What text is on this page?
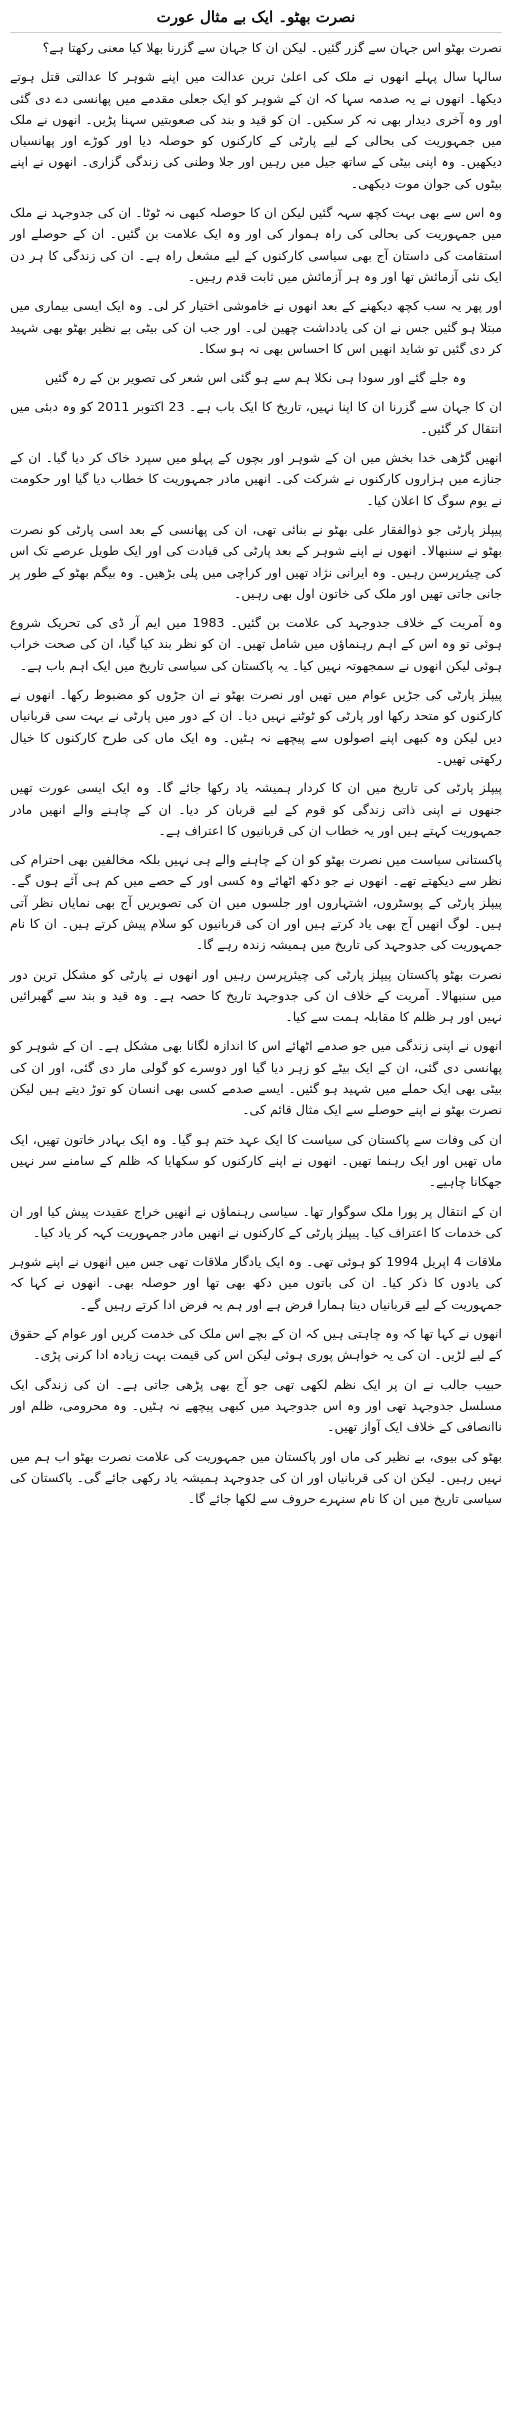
نصرت بھٹو۔ ایک بے مثال عورت

نصرت بھٹو اس جہان سے گزر گئیں۔ لیکن ان کا جہان سے گزرنا بھلا کیا معنی رکھتا ہے؟

سالہا سال پہلے انھوں نے ملک کی اعلیٰ ترین عدالت میں اپنے شوہر کا عدالتی قتل ہوتے دیکھا۔ انھوں نے یہ صدمہ سہا کہ ان کے شوہر کو ایک جعلی مقدمے میں پھانسی دے دی گئی اور وہ آخری دیدار بھی نہ کر سکیں۔ ان کو قید و بند کی صعوبتیں سہنا پڑیں۔ انھوں نے ملک میں جمہوریت کی بحالی کے لیے پارٹی کے کارکنوں کو حوصلہ دیا اور کوڑے اور پھانسیاں دیکھیں۔ وہ اپنی بیٹی کے ساتھ جیل میں رہیں اور جلا وطنی کی زندگی گزاری۔ انھوں نے اپنے بیٹوں کی جوان موت دیکھی۔

وہ اس سے بھی بہت کچھ سہہ گئیں لیکن ان کا حوصلہ کبھی نہ ٹوٹا۔ ان کی جدوجہد نے ملک میں جمہوریت کی بحالی کی راہ ہموار کی اور وہ ایک علامت بن گئیں۔ ان کے حوصلے اور استقامت کی داستان آج بھی سیاسی کارکنوں کے لیے مشعل راہ ہے۔ ان کی زندگی کا ہر دن ایک نئی آزمائش تھا اور وہ ہر آزمائش میں ثابت قدم رہیں۔

اور پھر یہ سب کچھ دیکھنے کے بعد انھوں نے خاموشی اختیار کر لی۔ وہ ایک ایسی بیماری میں مبتلا ہو گئیں جس نے ان کی یادداشت چھین لی۔ اور جب ان کی بیٹی بے نظیر بھٹو بھی شہید کر دی گئیں تو شاید انھیں اس کا احساس بھی نہ ہو سکا۔

وہ جلے گئے اور سودا ہی نکلا ہم سے ہو گئی اس شعر کی تصویر بن کے رہ گئیں

ان کا جہان سے گزرنا ان کا اپنا نہیں، تاریخ کا ایک باب ہے۔ 23 اکتوبر 2011 کو وہ دبئی میں انتقال کر گئیں۔

انھیں گڑھی خدا بخش میں ان کے شوہر اور بچوں کے پہلو میں سپرد خاک کر دیا گیا۔ ان کے جنازے میں ہزاروں کارکنوں نے شرکت کی۔ انھیں مادر جمہوریت کا خطاب دیا گیا اور حکومت نے یوم سوگ کا اعلان کیا۔

پیپلز پارٹی جو ذوالفقار علی بھٹو نے بنائی تھی، ان کی پھانسی کے بعد اسی پارٹی کو نصرت بھٹو نے سنبھالا۔ انھوں نے اپنے شوہر کے بعد پارٹی کی قیادت کی اور ایک طویل عرصے تک اس کی چیئرپرسن رہیں۔ وہ ایرانی نژاد تھیں اور کراچی میں پلی بڑھیں۔ وہ بیگم بھٹو کے طور پر جانی جاتی تھیں اور ملک کی خاتون اول بھی رہیں۔

وہ آمریت کے خلاف جدوجہد کی علامت بن گئیں۔ 1983 میں ایم آر ڈی کی تحریک شروع ہوئی تو وہ اس کے اہم رہنماؤں میں شامل تھیں۔ ان کو نظر بند کیا گیا، ان کی صحت خراب ہوئی لیکن انھوں نے سمجھوتہ نہیں کیا۔ یہ پاکستان کی سیاسی تاریخ میں ایک اہم باب ہے۔

پیپلز پارٹی کی جڑیں عوام میں تھیں اور نصرت بھٹو نے ان جڑوں کو مضبوط رکھا۔ انھوں نے کارکنوں کو متحد رکھا اور پارٹی کو ٹوٹنے نہیں دیا۔ ان کے دور میں پارٹی نے بہت سی قربانیاں دیں لیکن وہ کبھی اپنے اصولوں سے پیچھے نہ ہٹیں۔ وہ ایک ماں کی طرح کارکنوں کا خیال رکھتی تھیں۔

پیپلز پارٹی کی تاریخ میں ان کا کردار ہمیشہ یاد رکھا جائے گا۔ وہ ایک ایسی عورت تھیں جنھوں نے اپنی ذاتی زندگی کو قوم کے لیے قربان کر دیا۔ ان کے چاہنے والے انھیں مادر جمہوریت کہتے ہیں اور یہ خطاب ان کی قربانیوں کا اعتراف ہے۔

پاکستانی سیاست میں نصرت بھٹو کو ان کے چاہنے والے ہی نہیں بلکہ مخالفین بھی احترام کی نظر سے دیکھتے تھے۔ انھوں نے جو دکھ اٹھائے وہ کسی اور کے حصے میں کم ہی آئے ہوں گے۔ پیپلز پارٹی کے پوسٹروں، اشتہاروں اور جلسوں میں ان کی تصویریں آج بھی نمایاں نظر آتی ہیں۔ لوگ انھیں آج بھی یاد کرتے ہیں اور ان کی قربانیوں کو سلام پیش کرتے ہیں۔ ان کا نام جمہوریت کی جدوجہد کی تاریخ میں ہمیشہ زندہ رہے گا۔

نصرت بھٹو پاکستان پیپلز پارٹی کی چیئرپرسن رہیں اور انھوں نے پارٹی کو مشکل ترین دور میں سنبھالا۔ آمریت کے خلاف ان کی جدوجہد تاریخ کا حصہ ہے۔ وہ قید و بند سے گھبرائیں نہیں اور ہر ظلم کا مقابلہ ہمت سے کیا۔

انھوں نے اپنی زندگی میں جو صدمے اٹھائے اس کا اندازہ لگانا بھی مشکل ہے۔ ان کے شوہر کو پھانسی دی گئی، ان کے ایک بیٹے کو زہر دیا گیا اور دوسرے کو گولی مار دی گئی، اور ان کی بیٹی بھی ایک حملے میں شہید ہو گئیں۔ ایسے صدمے کسی بھی انسان کو توڑ دیتے ہیں لیکن نصرت بھٹو نے اپنے حوصلے سے ایک مثال قائم کی۔

ان کی وفات سے پاکستان کی سیاست کا ایک عہد ختم ہو گیا۔ وہ ایک بہادر خاتون تھیں، ایک ماں تھیں اور ایک رہنما تھیں۔ انھوں نے اپنے کارکنوں کو سکھایا کہ ظلم کے سامنے سر نہیں جھکانا چاہیے۔

ان کے انتقال پر پورا ملک سوگوار تھا۔ سیاسی رہنماؤں نے انھیں خراج عقیدت پیش کیا اور ان کی خدمات کا اعتراف کیا۔ پیپلز پارٹی کے کارکنوں نے انھیں مادر جمہوریت کہہ کر یاد کیا۔

ملاقات 4 اپریل 1994 کو ہوئی تھی۔ وہ ایک یادگار ملاقات تھی جس میں انھوں نے اپنے شوہر کی یادوں کا ذکر کیا۔ ان کی باتوں میں دکھ بھی تھا اور حوصلہ بھی۔ انھوں نے کہا کہ جمہوریت کے لیے قربانیاں دینا ہمارا فرض ہے اور ہم یہ فرض ادا کرتے رہیں گے۔

انھوں نے کہا تھا کہ وہ چاہتی ہیں کہ ان کے بچے اس ملک کی خدمت کریں اور عوام کے حقوق کے لیے لڑیں۔ ان کی یہ خواہش پوری ہوئی لیکن اس کی قیمت بہت زیادہ ادا کرنی پڑی۔

حبیب جالب نے ان پر ایک نظم لکھی تھی جو آج بھی پڑھی جاتی ہے۔ ان کی زندگی ایک مسلسل جدوجہد تھی اور وہ اس جدوجہد میں کبھی پیچھے نہ ہٹیں۔ وہ محرومی، ظلم اور ناانصافی کے خلاف ایک آواز تھیں۔

بھٹو کی بیوی، بے نظیر کی ماں اور پاکستان میں جمہوریت کی علامت نصرت بھٹو اب ہم میں نہیں رہیں۔ لیکن ان کی قربانیاں اور ان کی جدوجہد ہمیشہ یاد رکھی جائے گی۔ پاکستان کی سیاسی تاریخ میں ان کا نام سنہرے حروف سے لکھا جائے گا۔
